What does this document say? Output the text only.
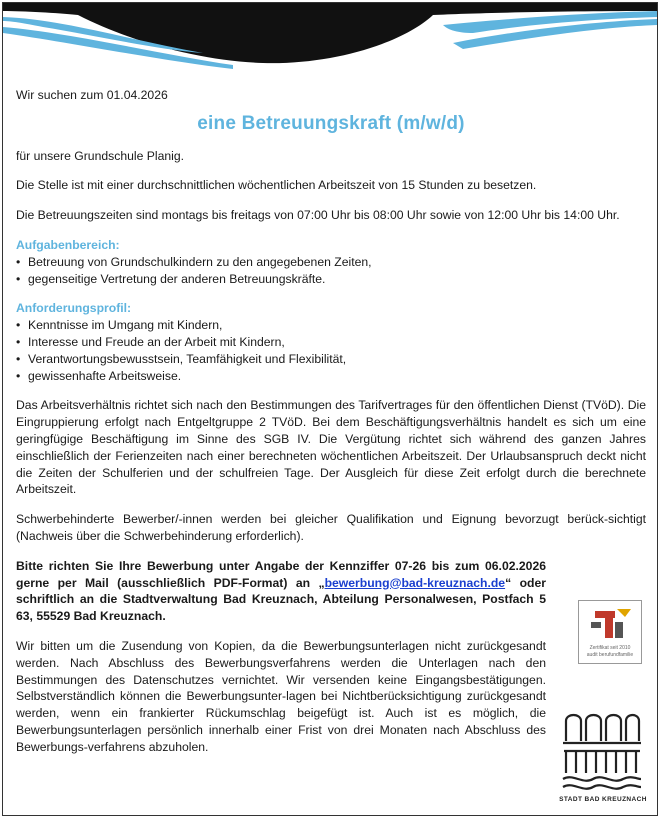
Wir suchen zum 01.04.2026

eine Betreuungskraft (m/w/d)

für unsere Grundschule Planig.

Die Stelle ist mit einer durchschnittlichen wöchentlichen Arbeitszeit von 15 Stunden zu besetzen.

Die Betreuungszeiten sind montags bis freitags von 07:00 Uhr bis 08:00 Uhr sowie von 12:00 Uhr bis 14:00 Uhr.

Aufgabenbereich:

• Betreuung von Grundschulkindern zu den angegebenen Zeiten,
• gegenseitige Vertretung der anderen Betreuungskräfte.

Anforderungsprofil:

• Kenntnisse im Umgang mit Kindern,
• Interesse und Freude an der Arbeit mit Kindern,
• Verantwortungsbewusstsein, Teamfähigkeit und Flexibilität,
• gewissenhafte Arbeitsweise.

Das Arbeitsverhältnis richtet sich nach den Bestimmungen des Tarifvertrages für den öffentlichen Dienst (TVöD). Die Eingruppierung erfolgt nach Entgeltgruppe 2 TVöD. Bei dem Beschäftigungsverhältnis handelt es sich um eine geringfügige Beschäftigung im Sinne des SGB IV. Die Vergütung richtet sich während des ganzen Jahres einschließlich der Ferienzeiten nach einer berechneten wöchentlichen Arbeitszeit. Der Urlaubsanspruch deckt nicht die Zeiten der Schulferien und der schulfreien Tage. Der Ausgleich für diese Zeit erfolgt durch die berechnete Arbeitszeit.

Schwerbehinderte Bewerber/-innen werden bei gleicher Qualifikation und Eignung bevorzugt berück-sichtigt (Nachweis über die Schwerbehinderung erforderlich).

Bitte richten Sie Ihre Bewerbung unter Angabe der Kennziffer 07-26 bis zum 06.02.2026 gerne per Mail (ausschließlich PDF-Format) an „bewerbung@bad-kreuznach.de“ oder schriftlich an die Stadtverwaltung Bad Kreuznach, Abteilung Personalwesen, Postfach 5 63, 55529 Bad Kreuznach.

Wir bitten um die Zusendung von Kopien, da die Bewerbungsunterlagen nicht zurückgesandt werden. Nach Abschluss des Bewerbungsverfahrens werden die Unterlagen nach den Bestimmungen des Datenschutzes vernichtet. Wir versenden keine Eingangsbestätigungen. Selbstverständlich können die Bewerbungsunter-lagen bei Nichtberücksichtigung zurückgesandt werden, wenn ein frankierter Rückumschlag beigefügt ist. Auch ist es möglich, die Bewerbungsunterlagen persönlich innerhalb einer Frist von drei Monaten nach Abschluss des Bewerbungs-verfahrens abzuholen.

Zertifikat seit 2010
audit berufundfamilie
STADT BAD KREUZNACH
